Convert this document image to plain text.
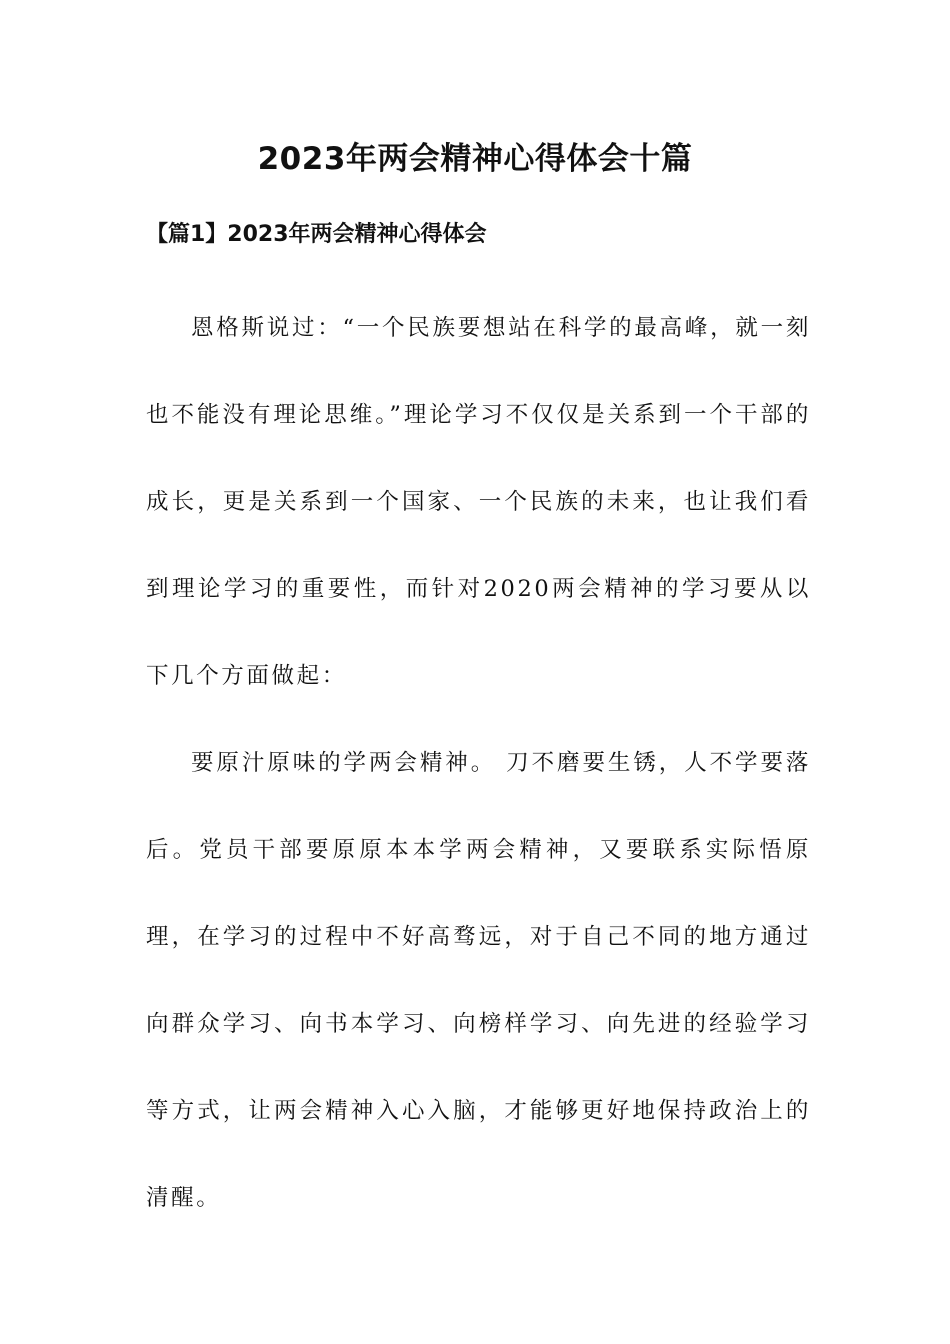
2023年两会精神心得体会十篇
【篇1】2023年两会精神心得体会

恩格斯说过：“一个民族要想站在科学的最高峰，就一刻也不能没有理论思维。”理论学习不仅仅是关系到一个干部的成长，更是关系到一个国家、一个民族的未来，也让我们看到理论学习的重要性，而针对2020两会精神的学习要从以下几个方面做起：

要原汁原味的学两会精神。 刀不磨要生锈，人不学要落后。党员干部要原原本本学两会精神，又要联系实际悟原理，在学习的过程中不好高骛远，对于自己不同的地方通过向群众学习、向书本学习、向榜样学习、向先进的经验学习等方式，让两会精神入心入脑，才能够更好地保持政治上的清醒。
